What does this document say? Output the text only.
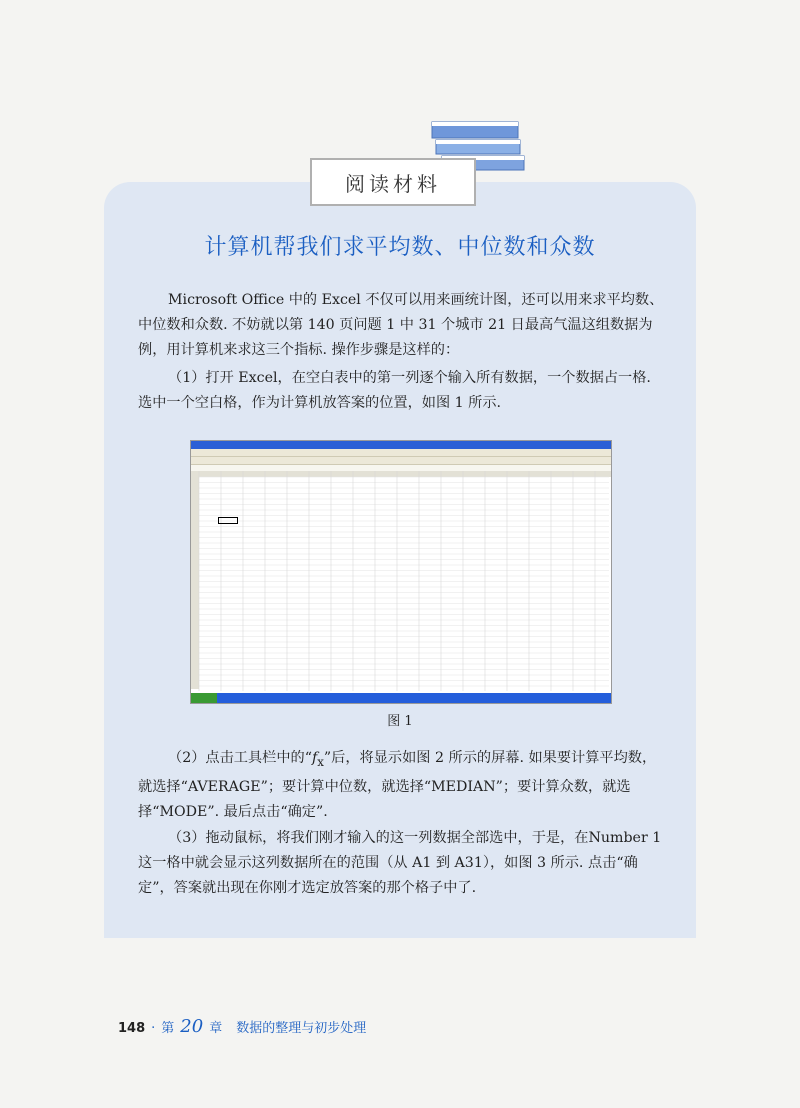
阅读材料
计算机帮我们求平均数、中位数和众数

Microsoft Office 中的 Excel 不仅可以用来画统计图，还可以用来求平均数、中位数和众数. 不妨就以第 140 页问题 1 中 31 个城市 21 日最高气温这组数据为例，用计算机来求这三个指标. 操作步骤是这样的：

（1）打开 Excel，在空白表中的第一列逐个输入所有数据，一个数据占一格. 选中一个空白格，作为计算机放答案的位置，如图 1 所示.

图 1

（2）点击工具栏中的“$f_x$”后，将显示如图 2 所示的屏幕. 如果要计算平均数，就选择“AVERAGE”；要计算中位数，就选择“MEDIAN”；要计算众数，就选择“MODE”. 最后点击“确定”.

（3）拖动鼠标，将我们刚才输入的这一列数据全部选中，于是，在Number 1 这一格中就会显示这列数据所在的范围（从 A1 到 A31），如图 3 所示. 点击“确定”，答案就出现在你刚才选定放答案的那个格子中了.

148 · 第 20 章 数据的整理与初步处理
